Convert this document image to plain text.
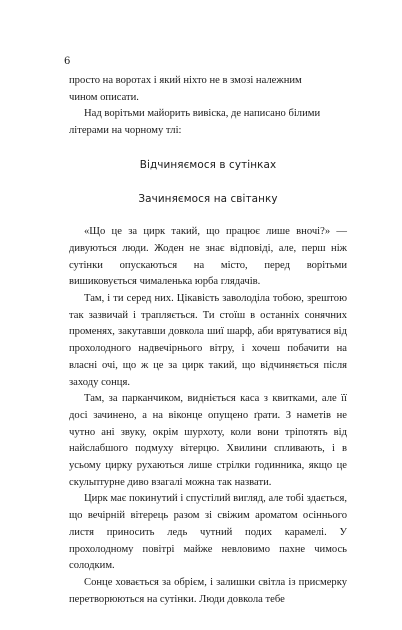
6

просто на воротах і який ніхто не в змозі належним
чином описати.

Над ворітьми майорить вивіска, де написано білими
літерами на чорному тлі:

Відчиняємося в сутінках

Зачиняємося на світанку

«Що це за цирк такий, що працює лише вночі?» — дивуються люди. Жоден не знає відповіді, але, перш ніж сутінки опускаються на місто, перед ворітьми вишиковується чималенька юрба глядачів.

Там, і ти серед них. Цікавість заволоділа тобою, зрештою так зазвичай і трапляється. Ти стоїш в останніх сонячних променях, закутавши довкола шиї шарф, аби врятуватися від прохолодного надвечірнього вітру, і хочеш побачити на власні очі, що ж це за цирк такий, що відчиняється після заходу сонця.

Там, за парканчиком, видніється каса з квитками, але її досі зачинено, а на віконце опущено ґрати. З наметів не чутно ані звуку, окрім шурхоту, коли вони тріпотять від найслабшого подмуху вітерцю. Хвилини спливають, і в усьому цирку рухаються лише стрілки годинника, якщо це скульптурне диво взагалі можна так назвати.

Цирк має покинутий і спустілий вигляд, але тобі здається, що вечірній вітерець разом зі свіжим ароматом осіннього листя приносить ледь чутний подих карамелі. У прохолодному повітрі майже невловимо пахне чимось солодким.

Сонце ховається за обрієм, і залишки світла із присмерку перетворюються на сутінки. Люди довкола тебе
